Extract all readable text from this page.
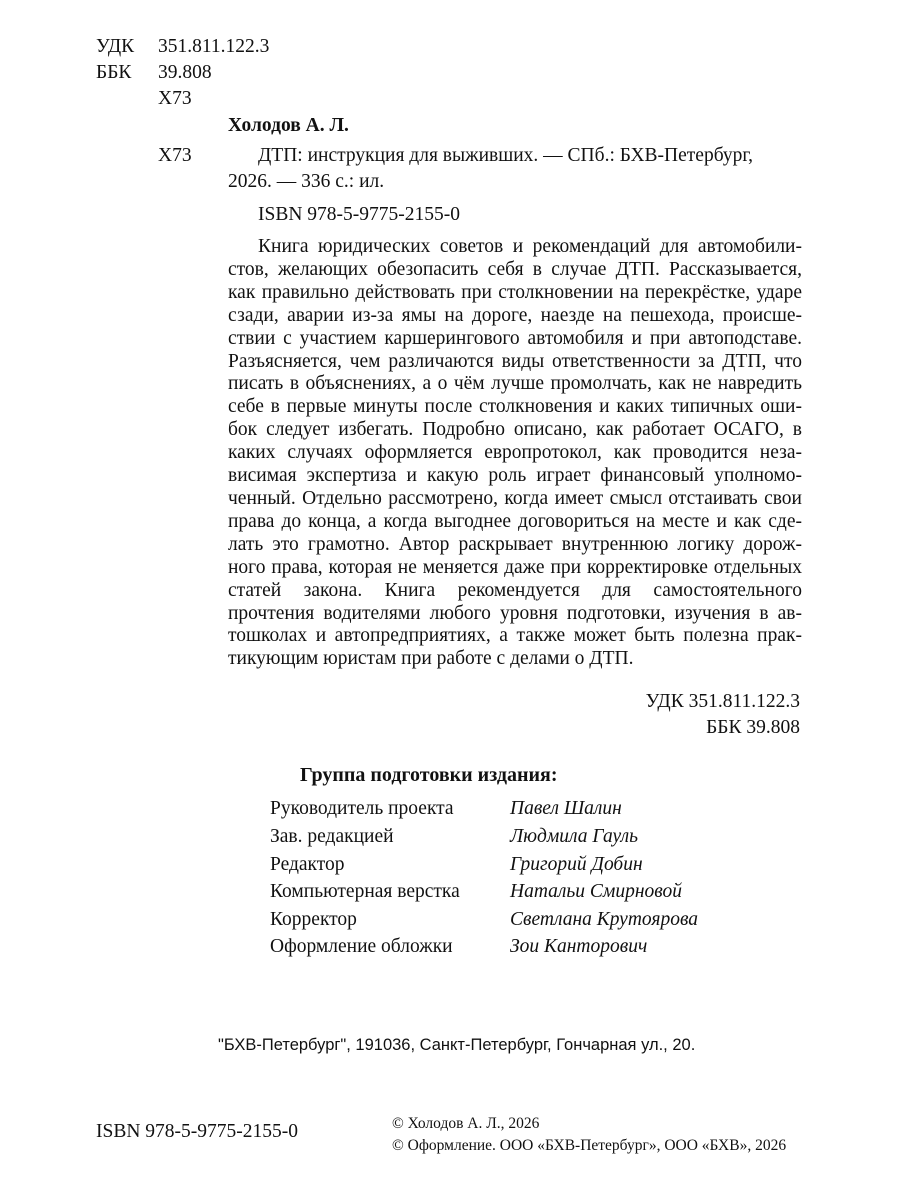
УДК 351.811.122.3
ББК 39.808
Х73
Холодов А. Л.
Х73	ДТП: инструкция для выживших. — СПб.: БХВ-Петербург,
2026. — 336 с.: ил.
ISBN 978-5-9775-2155-0
Книга юридических советов и рекомендаций для автомобилистов, желающих обезопасить себя в случае ДТП. Рассказывается, как правильно действовать при столкновении на перекрёстке, ударе сзади, аварии из-за ямы на дороге, наезде на пешехода, происшествии с участием каршерингового автомобиля и при автоподставе. Разъясняется, чем различаются виды ответственности за ДТП, что писать в объяснениях, а о чём лучше промолчать, как не навредить себе в первые минуты после столкновения и каких типичных ошибок следует избегать. Подробно описано, как работает ОСАГО, в каких случаях оформляется европротокол, как проводится независимая экспертиза и какую роль играет финансовый уполномоченный. Отдельно рассмотрено, когда имеет смысл отстаивать свои права до конца, а когда выгоднее договориться на месте и как сделать это грамотно. Автор раскрывает внутреннюю логику дорожного права, которая не меняется даже при корректировке отдельных статей закона. Книга рекомендуется для самостоятельного прочтения водителями любого уровня подготовки, изучения в автошколах и автопредприятиях, а также может быть полезна практикующим юристам при работе с делами о ДТП.
УДК 351.811.122.3
ББК 39.808
Группа подготовки издания:
Руководитель проекта	Павел Шалин
Зав. редакцией	Людмила Гауль
Редактор	Григорий Добин
Компьютерная верстка	Натальи Смирновой
Корректор	Светлана Крутоярова
Оформление обложки	Зои Канторович
"БХВ-Петербург", 191036, Санкт-Петербург, Гончарная ул., 20.
ISBN 978-5-9775-2155-0	© Холодов А. Л., 2026
© Оформление. ООО «БХВ-Петербург», ООО «БХВ», 2026
